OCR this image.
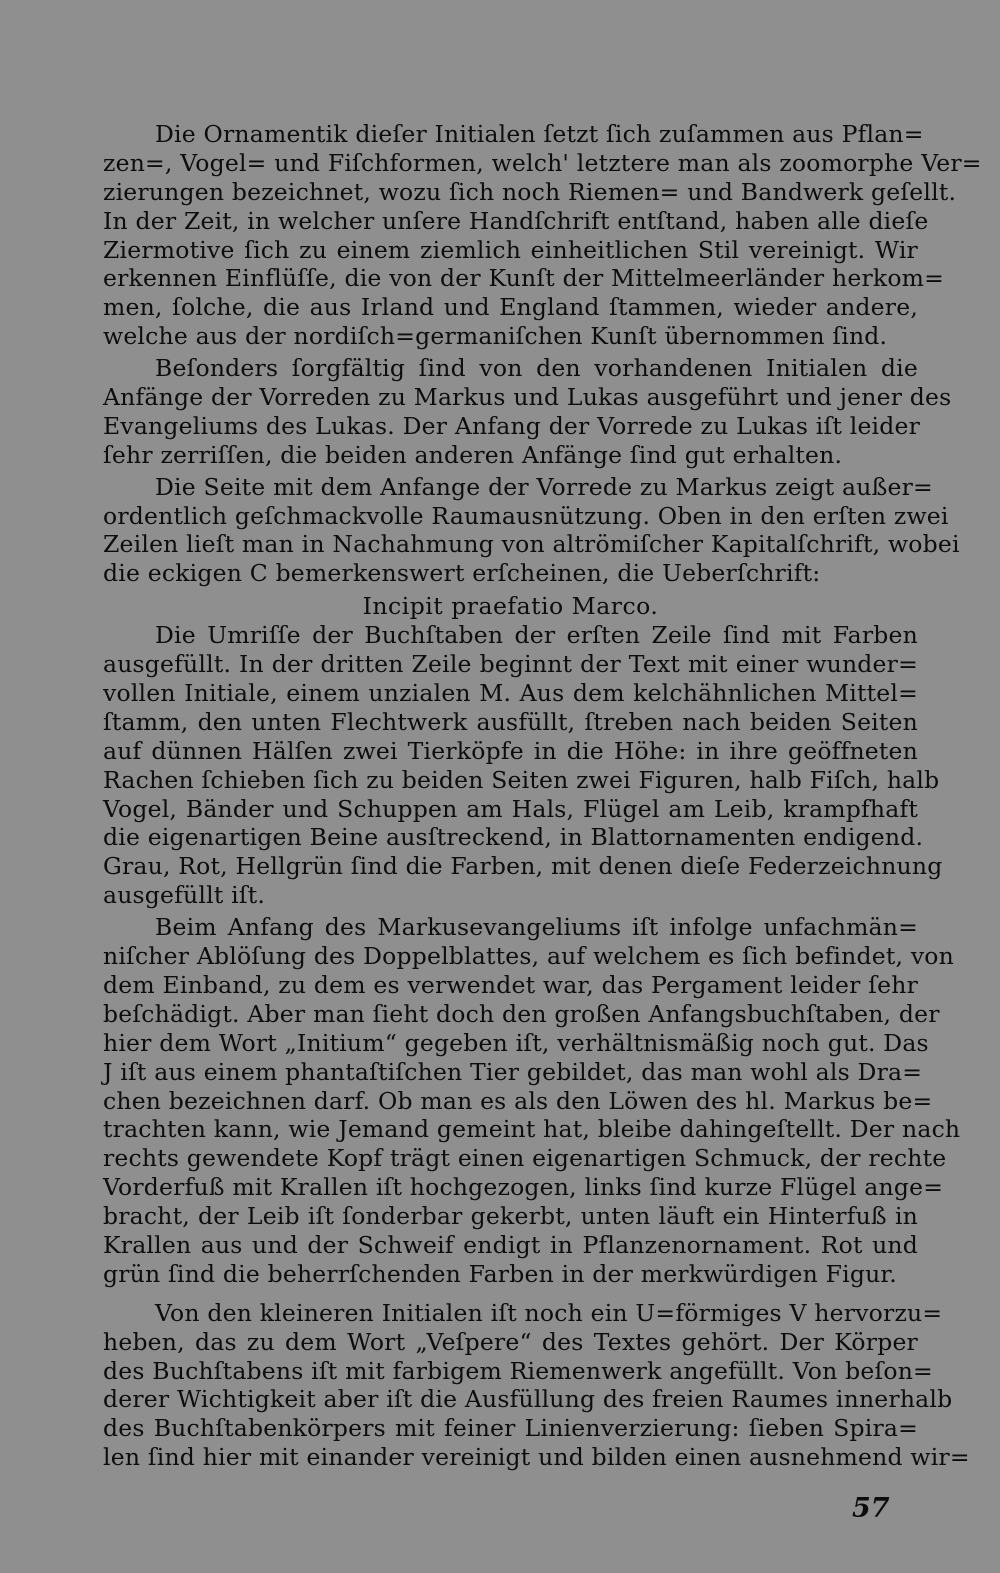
Die Ornamentik dieſer Initialen ſetzt ſich zuſammen aus Pflan=
zen=, Vogel= und Fiſchformen, welch' letztere man als zoomorphe Ver=
zierungen bezeichnet, wozu ſich noch Riemen= und Bandwerk geſellt.
In der Zeit, in welcher unſere Handſchrift entſtand, haben alle dieſe
Ziermotive ſich zu einem ziemlich einheitlichen Stil vereinigt. Wir
erkennen Einflüſſe, die von der Kunſt der Mittelmeerländer herkom=
men, ſolche, die aus Irland und England ſtammen, wieder andere,
welche aus der nordiſch=germaniſchen Kunſt übernommen ſind.
Beſonders ſorgfältig ſind von den vorhandenen Initialen die
Anfänge der Vorreden zu Markus und Lukas ausgeführt und jener des
Evangeliums des Lukas. Der Anfang der Vorrede zu Lukas iſt leider
ſehr zerriſſen, die beiden anderen Anfänge ſind gut erhalten.
Die Seite mit dem Anfange der Vorrede zu Markus zeigt außer=
ordentlich geſchmackvolle Raumausnützung. Oben in den erſten zwei
Zeilen lieſt man in Nachahmung von altrömiſcher Kapitalſchrift, wobei
die eckigen C bemerkenswert erſcheinen, die Ueberſchrift:
Incipit praefatio Marco.
Die Umriſſe der Buchſtaben der erſten Zeile ſind mit Farben
ausgefüllt. In der dritten Zeile beginnt der Text mit einer wunder=
vollen Initiale, einem unzialen M. Aus dem kelchähnlichen Mittel=
ſtamm, den unten Flechtwerk ausfüllt, ſtreben nach beiden Seiten
auf dünnen Hälſen zwei Tierköpfe in die Höhe: in ihre geöffneten
Rachen ſchieben ſich zu beiden Seiten zwei Figuren, halb Fiſch, halb
Vogel, Bänder und Schuppen am Hals, Flügel am Leib, krampfhaft
die eigenartigen Beine ausſtreckend, in Blattornamenten endigend.
Grau, Rot, Hellgrün ſind die Farben, mit denen dieſe Federzeichnung
ausgefüllt iſt.
Beim Anfang des Markusevangeliums iſt infolge unfachmän=
niſcher Ablöſung des Doppelblattes, auf welchem es ſich befindet, von
dem Einband, zu dem es verwendet war, das Pergament leider ſehr
beſchädigt. Aber man ſieht doch den großen Anfangsbuchſtaben, der
hier dem Wort „Initium“ gegeben iſt, verhältnismäßig noch gut. Das
J iſt aus einem phantaſtiſchen Tier gebildet, das man wohl als Dra=
chen bezeichnen darf. Ob man es als den Löwen des hl. Markus be=
trachten kann, wie Jemand gemeint hat, bleibe dahingeſtellt. Der nach
rechts gewendete Kopf trägt einen eigenartigen Schmuck, der rechte
Vorderfuß mit Krallen iſt hochgezogen, links ſind kurze Flügel ange=
bracht, der Leib iſt ſonderbar gekerbt, unten läuft ein Hinterfuß in
Krallen aus und der Schweif endigt in Pflanzenornament. Rot und
grün ſind die beherrſchenden Farben in der merkwürdigen Figur.
Von den kleineren Initialen iſt noch ein U=förmiges V hervorzu=
heben, das zu dem Wort „Veſpere“ des Textes gehört. Der Körper
des Buchſtabens iſt mit farbigem Riemenwerk angefüllt. Von beſon=
derer Wichtigkeit aber iſt die Ausfüllung des freien Raumes innerhalb
des Buchſtabenkörpers mit feiner Linienverzierung: ſieben Spira=
len ſind hier mit einander vereinigt und bilden einen ausnehmend wir=
57
